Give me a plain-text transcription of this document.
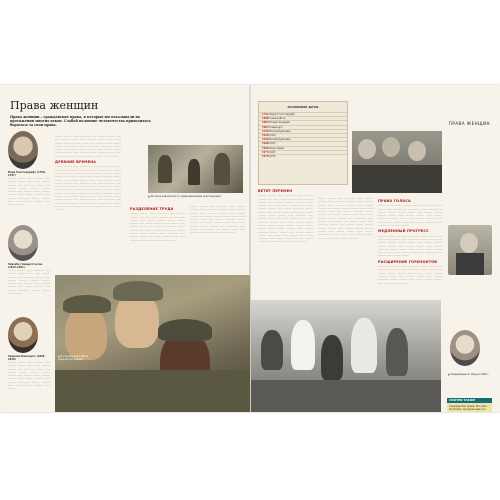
Права женщин
Права женщин – гражданские права, в которых им отказывали на протяжении многих веков. Слабой половине человечества приходилось бороться за свои права.
Мэри Уолстонкрафт (1759–1797)
——— ——— —— ———— —— ——— ——— —— —— ——— ——— —— ———— ——— —— ——— ——— ——— ——— ——— —— ——— ——— ——— ——— —— ——— ——— —— ——— ———— ——— ——— —— ——— ——— ——— —— ——— ———
Элизабет Кейди Стэнтон (1815–1902)
——— ——— —— ———— —— ——— ——— —— —— ——— ——— —— ———— ——— —— ——— ——— ——— ——— ——— —— ——— ——— ——— ——— —— ——— ——— —— ——— ———— ——— ——— —— ———
Эммелин Панкхерст (1858–1928)
——— ——— —— ———— —— ——— ——— —— —— ——— ——— —— ———— ——— —— ——— ——— ——— ——— ——— —— ——— ——— ——— ——— —— ——— ——— —— ——— ———— ——— ——— —— ——— ——— ——— —— ———
——— ——— —— ———— —— ——— ——— —— —— ——— ——— —— ———— ——— —— ——— ——— ——— ——— ——— —— ——— ——— ——— ——— —— ——— ——— —— ——— ———— ——— ——— —— ——— ——— ——— —— ——— ——— ——— ——— —— ———— —— ——— ——— —— —— ——— ——— —— ———— ——— —— ———
ДРЕВНИЕ ВРЕМЕНА
——— ——— —— ———— —— ——— ——— —— —— ——— ——— —— ———— ——— —— ——— ——— ——— ——— ——— —— ——— ——— ——— ——— —— ——— ——— —— ——— ———— ——— ——— —— ——— ——— ——— —— ——— ——— ——— ——— —— ———— —— ——— ——— —— —— ——— ——— —— ———— ——— —— ——— ——— ——— ——— ——— —— ——— ——— ——— ——— —— ——— ——— —— ——— ———— ——— ——— —— ——— ——— ——— —— ——— ——— ——— ——— —— ———— —— ——— ——— —— —— ——— ——— —— ———— ——— —— ——— ——— ——— ——— ——— —— ——— ——— ——— ———
▲ История знакомства со средневековыми крестьянками
РАЗДЕЛЕНИЕ ТРУДА
——— ——— —— ———— —— ——— ——— —— —— ——— ——— —— ———— ——— —— ——— ——— ——— ——— ——— —— ——— ——— ——— ——— —— ——— ——— —— ——— ———— ——— ——— —— ——— ——— ——— —— ——— ——— ——— ——— —— ———— —— ——— ——— —— —— ——— ——— —— ———— ——— ——— ——— ———
——— ——— —— ———— —— ——— ——— —— —— ——— ——— —— ———— ——— —— ——— ——— ——— ——— ——— —— ——— ——— ——— ——— —— ——— ——— —— ——— ———— ——— ——— —— ——— ——— ——— —— ——— ——— ——— ——— —— ———— —— ——— ——— —— —— ——— ——— —— ———— ——— ——— ——— ———
▲ В странах Азии СДЭ в Саудовской Аравии
248
ОСНОВНЫЕ ДАТЫ
1792 Мэри Уолстонкрафт
1848 Сенека-Фолс
1893 Новая Зеландия
1903 Панкхерст
1918 Великобритания
1920 США
1928 Великобритания
1948 ООН
1960 Шри-Ланка
1975 ООН
1979 ООН
ПРАВА ЖЕНЩИН
ВЕТЕР ПЕРЕМЕН
——— ——— —— ———— —— ——— ——— —— —— ——— ——— —— ———— ——— —— ——— ——— ——— ——— ——— —— ——— ——— ——— ——— —— ——— ——— —— ——— ———— ——— ——— —— ——— ——— ——— —— ——— ——— ——— ——— —— ———— —— ——— ——— —— —— ——— ——— —— ———— ——— —— ——— ——— ——— ——— ——— —— ——— ——— ——— ——— —— ——— ——— —— ——— ———— ——— ——— —— ——— ——— ——— —— ——— ——— ——— ——— —— ———— —— ——— ——— —— —— ——— ——— —— ———— ——— —— ———
——— ——— —— ———— —— ——— ——— —— —— ——— ——— —— ———— ——— —— ——— ——— ——— ——— ——— —— ——— ——— ——— ——— —— ——— ——— —— ——— ———— ——— ——— —— ——— ——— ——— —— ——— ——— ——— ——— —— ———— —— ——— ——— —— —— ——— ——— —— ———— ——— —— ——— ——— ——— ——— ——— —— ——— ——— ——— ——— —— ——— ——— —— ——— ———— ——— ——— —— ——— ——— ——— —— ——— ——— ———
ПРАВО ГОЛОСА
——— ——— —— ———— —— ——— ——— —— —— ——— ——— —— ———— ——— —— ——— ——— ——— ——— ——— —— ——— ——— ——— ——— —— ——— ——— —— ——— ———— ——— ——— —— ——— ——— ——— —— ——— ——— ——— ——— —— ———— —— ——— ——— —— ———
МЕДЛЕННЫЙ ПРОГРЕСС
——— ——— —— ———— —— ——— ——— —— —— ——— ——— —— ———— ——— —— ——— ——— ——— ——— ——— —— ——— ——— ——— ——— —— ——— ——— —— ——— ———— ——— ——— —— ——— ——— ——— —— ——— ——— ——— ——— —— ———— —— ——— ——— —— ———
РАСШИРЕНИЕ ГОРИЗОНТОВ
——— ——— —— ———— —— ——— ——— —— —— ——— ——— —— ———— ——— —— ——— ——— ——— ——— ——— —— ——— ——— ——— ——— —— ——— ——— —— ——— ———— ——— ——— —— ——— ——— ——— —— ——— ——— ———
▲ Нидерланды Ф. Форд в 1946 г.
СМОТРИ ТАКЖЕ
Гражданские права. История. Политика. Промышленность.
249
